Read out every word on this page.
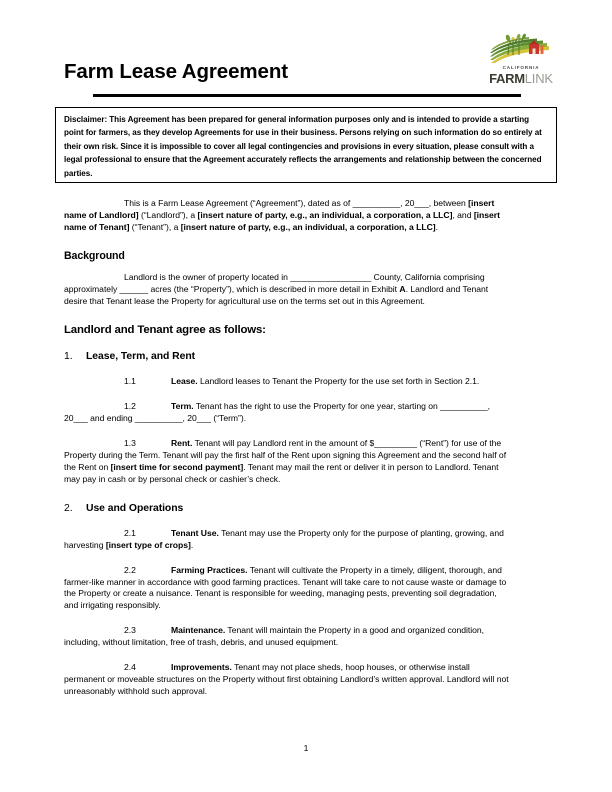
Farm Lease Agreement	CALIFORNIA
FARMLINK
Disclaimer: This Agreement has been prepared for general information purposes only and is intended to provide a starting point for farmers, as they develop Agreements for use in their business. Persons relying on such information do so entirely at their own risk. Since it is impossible to cover all legal contingencies and provisions in every situation, please consult with a legal professional to ensure that the Agreement accurately reflects the arrangements and relationship between the concerned parties.

This is a Farm Lease Agreement (“Agreement”), dated as of __________, 20___, between [insert name of Landlord] (“Landlord”), a [insert nature of party, e.g., an individual, a corporation, a LLC], and [insert name of Tenant] (“Tenant”), a [insert nature of party, e.g., an individual, a corporation, a LLC].

Background

Landlord is the owner of property located in _________________ County, California comprising approximately ______ acres (the “Property”), which is described in more detail in Exhibit A. Landlord and Tenant desire that Tenant lease the Property for agricultural use on the terms set out in this Agreement.

Landlord and Tenant agree as follows:

1. Lease, Term, and Rent

1.1	Lease. Landlord leases to Tenant the Property for the use set forth in Section 2.1.

1.2	Term. Tenant has the right to use the Property for one year, starting on __________, 20___ and ending __________, 20___ (“Term”).

1.3	Rent. Tenant will pay Landlord rent in the amount of $_________ (“Rent”) for use of the Property during the Term. Tenant will pay the first half of the Rent upon signing this Agreement and the second half of the Rent on [insert time for second payment]. Tenant may mail the rent or deliver it in person to Landlord. Tenant may pay in cash or by personal check or cashier’s check.

2. Use and Operations

2.1	Tenant Use. Tenant may use the Property only for the purpose of planting, growing, and harvesting [insert type of crops].

2.2	Farming Practices. Tenant will cultivate the Property in a timely, diligent, thorough, and farmer-like manner in accordance with good farming practices. Tenant will take care to not cause waste or damage to the Property or create a nuisance. Tenant is responsible for weeding, managing pests, preventing soil degradation, and irrigating responsibly.

2.3	Maintenance. Tenant will maintain the Property in a good and organized condition, including, without limitation, free of trash, debris, and unused equipment.

2.4	Improvements. Tenant may not place sheds, hoop houses, or otherwise install permanent or moveable structures on the Property without first obtaining Landlord’s written approval. Landlord will not unreasonably withhold such approval.

1
